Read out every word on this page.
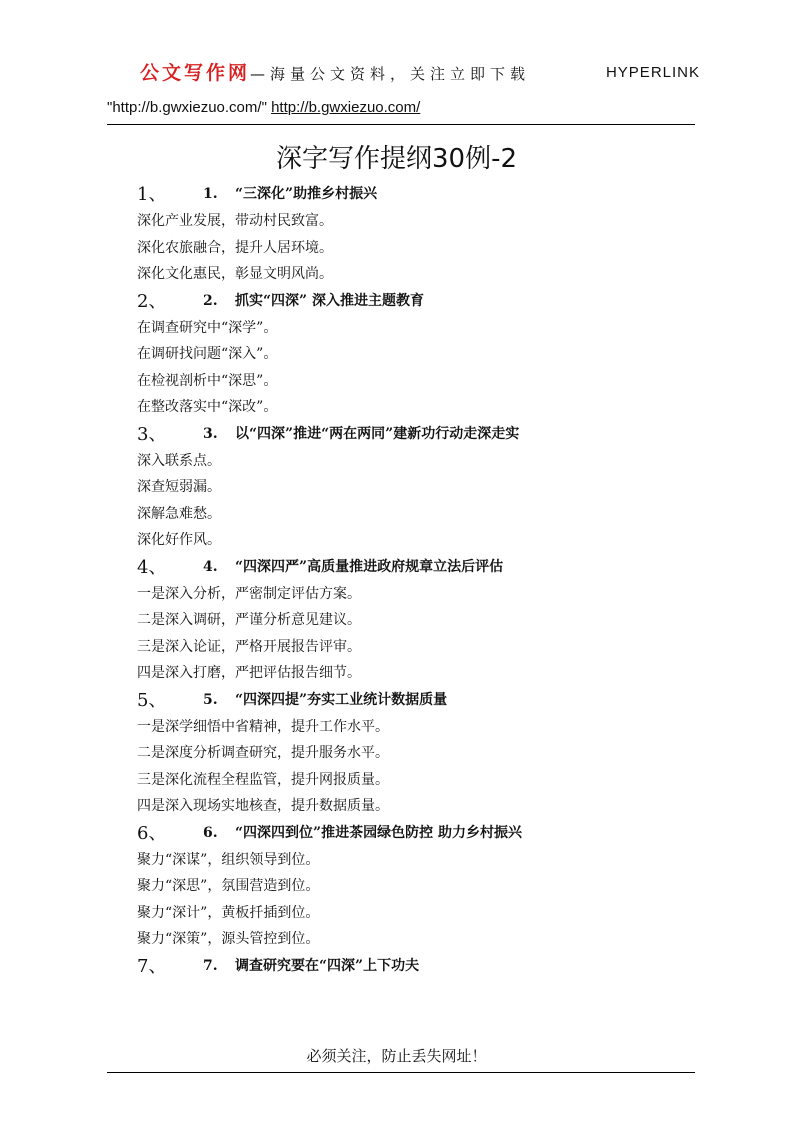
公文写作网—海量公文资料，关注立即下载	HYPERLINK
"http://b.gwxiezuo.com/" http://b.gwxiezuo.com/
深字写作提纲30例-2
1、	1. “三深化”助推乡村振兴
深化产业发展，带动村民致富。
深化农旅融合，提升人居环境。
深化文化惠民，彰显文明风尚。
2、	2. 抓实“四深” 深入推进主题教育
在调查研究中“深学”。
在调研找问题“深入”。
在检视剖析中“深思”。
在整改落实中“深改”。
3、	3. 以“四深”推进“两在两同”建新功行动走深走实
深入联系点。
深查短弱漏。
深解急难愁。
深化好作风。
4、	4. “四深四严”高质量推进政府规章立法后评估
一是深入分析，严密制定评估方案。
二是深入调研，严谨分析意见建议。
三是深入论证，严格开展报告评审。
四是深入打磨，严把评估报告细节。
5、	5. “四深四提”夯实工业统计数据质量
一是深学细悟中省精神，提升工作水平。
二是深度分析调查研究，提升服务水平。
三是深化流程全程监管，提升网报质量。
四是深入现场实地核查，提升数据质量。
6、	6. “四深四到位”推进茶园绿色防控 助力乡村振兴
聚力“深谋”，组织领导到位。
聚力“深思”，氛围营造到位。
聚力“深计”，黄板扦插到位。
聚力“深策”，源头管控到位。
7、	7. 调查研究要在“四深”上下功夫
必须关注，防止丢失网址！
